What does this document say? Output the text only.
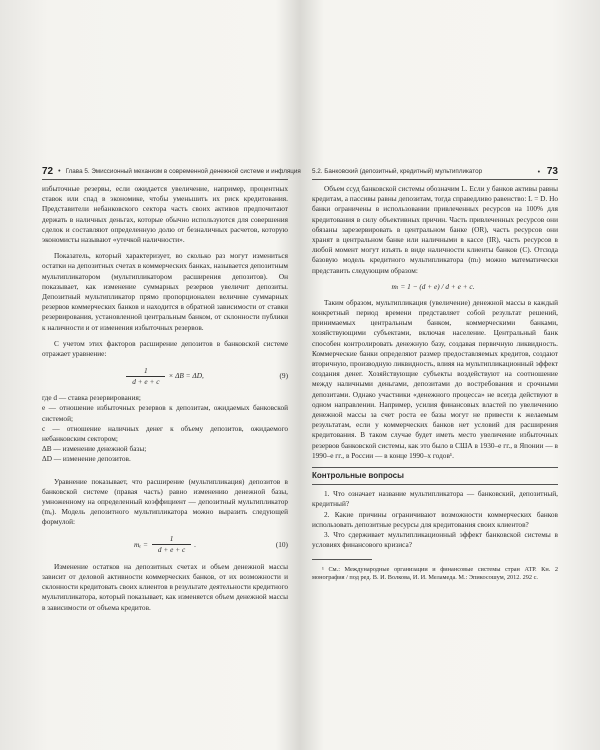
72 • Глава 5. Эмиссионный механизм в современной денежной системе и инфляция

избыточные резервы, если ожидается увеличение, например, процентных ставок или спад в экономике, чтобы уменьшить их риск кредитования. Представители небанковского сектора часть своих активов предпочитают держать в наличных деньгах, которые обычно используются для совершения сделок и составляют определенную долю от безналичных расчетов, которую экономисты называют «утечкой наличности».

Показатель, который характеризует, во сколько раз могут измениться остатки на депозитных счетах в коммерческих банках, называется депозитным мультипликатором (мультипликатором расширения депозитов). Он показывает, как изменение суммарных резервов увеличит депозиты. Депозитный мультипликатор прямо пропорционален величине суммарных резервов коммерческих банков и находится в обратной зависимости от ставки резервирования, установленной центральным банком, от склонности публики к наличности и от изменения избыточных резервов.

С учетом этих факторов расширение депозитов в банковской системе отражает уравнение:

$\frac{1}{d + e + c} \times \Delta B = \Delta D$,	(9)

где d — ставка резервирования;

e — отношение избыточных резервов к депозитам, ожидаемых банковской системой;

c — отношение наличных денег к объему депозитов, ожидаемого небанковским сектором;

ΔB — изменение денежной базы;

ΔD — изменение депозитов.

Уравнение показывает, что расширение (мультипликация) депозитов в банковской системе (правая часть) равно изменению денежной базы, умноженному на определенный коэффициент — депозитный мультипликатор (mₑ). Модель депозитного мультипликатора можно выразить следующей формулой:

$m_e = \frac{1}{d + e + c}$ .	(10)

Изменение остатков на депозитных счетах и объем денежной массы зависит от деловой активности коммерческих банков, от их возможности и склонности кредитовать своих клиентов в результате деятельности кредитного мультипликатора, который показывает, как изменяется объем денежной массы в зависимости от объема кредитов.

5.2. Банковский (депозитный, кредитный) мультипликатор	• 73

Объем ссуд банковской системы обозначим L. Если у банков активы равны кредитам, а пассивы равны депозитам, тогда справедливо равенство: L = D. Но банки ограничены в использовании привлеченных ресурсов на 100% для кредитования в силу объективных причин. Часть привлеченных ресурсов они обязаны зарезервировать в центральном банке (OR), часть ресурсов они хранят в центральном банке или наличными в кассе (IR), часть ресурсов в любой момент могут изъять в виде наличности клиенты банков (C). Отсюда базовую модель кредитного мультипликатора (mₗ) можно математически представить следующим образом:

mₗ = 1 − (d + e) / d + e + c.

Таким образом, мультипликация (увеличение) денежной массы в каждый конкретный период времени представляет собой результат решений, принимаемых центральным банком, коммерческими банками, хозяйствующими субъектами, включая население. Центральный банк способен контролировать денежную базу, создавая первичную ликвидность. Коммерческие банки определяют размер предоставляемых кредитов, создают вторичную, производную ликвидность, влияя на мультипликационный эффект создания денег. Хозяйствующие субъекты воздействуют на соотношение между наличными деньгами, депозитами до востребования и срочными депозитами. Однако участники «денежного процесса» не всегда действуют в одном направлении. Например, усилия финансовых властей по увеличению денежной массы за счет роста ее базы могут не привести к желаемым результатам, если у коммерческих банков нет условий для расширения кредитования. В таком случае будет иметь место увеличение избыточных резервов банковской системы, как это было в США в 1930–е гг., в Японии — в 1990–е гг., в России — в конце 1990–х годов¹.

Контрольные вопросы

1. Что означает название мультипликатора — банковский, депозитный, кредитный?

2. Какие причины ограничивают возможности коммерческих банков использовать депозитные ресурсы для кредитования своих клиентов?

3. Что сдерживает мультипликационный эффект банковской системы в условиях финансового кризиса?

¹ См.: Международные организации и финансовые системы стран АТР. Кн. 2 монография / под ред. В. И. Волкова, И. И. Меламеда. М.: Эпикосошум, 2012. 292 с.
